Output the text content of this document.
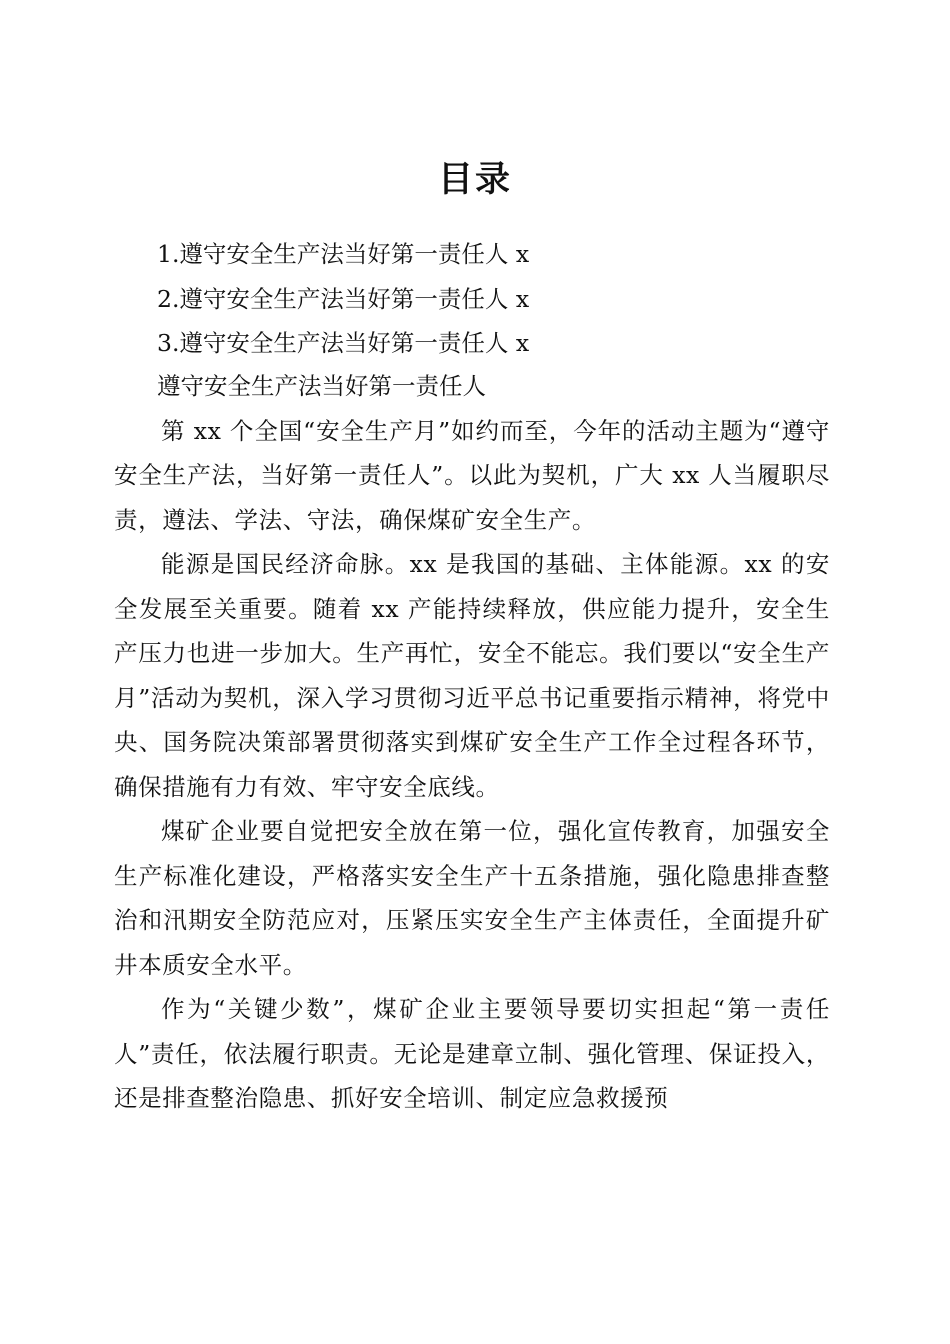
目录
1.遵守安全生产法当好第一责任人 x
2.遵守安全生产法当好第一责任人 x
3.遵守安全生产法当好第一责任人 x
遵守安全生产法当好第一责任人

第 xx 个全国“安全生产月”如约而至，今年的活动主题为“遵守安全生产法，当好第一责任人”。以此为契机，广大 xx 人当履职尽责，遵法、学法、守法，确保煤矿安全生产。

能源是国民经济命脉。xx 是我国的基础、主体能源。xx 的安全发展至关重要。随着 xx 产能持续释放，供应能力提升，安全生产压力也进一步加大。生产再忙，安全不能忘。我们要以“安全生产月”活动为契机，深入学习贯彻习近平总书记重要指示精神，将党中央、国务院决策部署贯彻落实到煤矿安全生产工作全过程各环节，确保措施有力有效、牢守安全底线。

煤矿企业要自觉把安全放在第一位，强化宣传教育，加强安全生产标准化建设，严格落实安全生产十五条措施，强化隐患排查整治和汛期安全防范应对，压紧压实安全生产主体责任，全面提升矿井本质安全水平。

作为“关键少数”，煤矿企业主要领导要切实担起“第一责任人”责任，依法履行职责。无论是建章立制、强化管理、保证投入，还是排查整治隐患、抓好安全培训、制定应急救援预
